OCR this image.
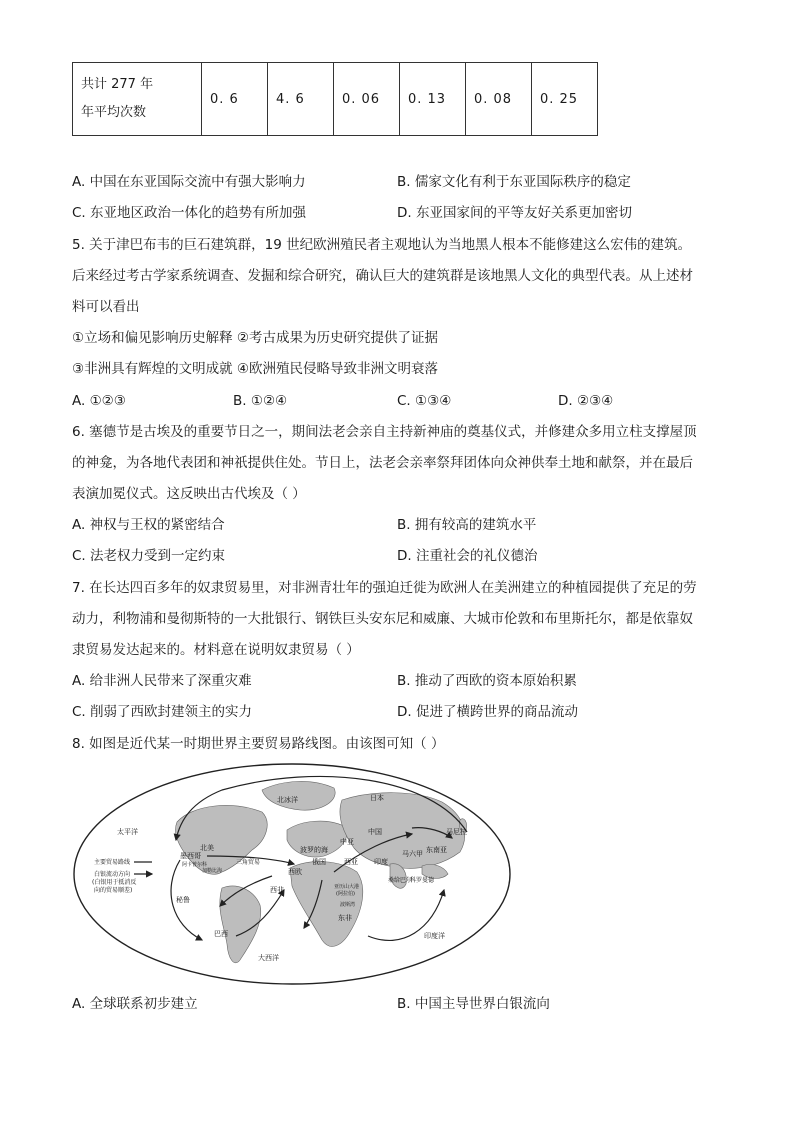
共计 277 年
年平均次数
	0. 6	4. 6	0. 06	0. 13	0. 08	0. 25
A. 中国在东亚国际交流中有强大影响力	B. 儒家文化有利于东亚国际秩序的稳定
C. 东亚地区政治一体化的趋势有所加强	D. 东亚国家间的平等友好关系更加密切
5. 关于津巴布韦的巨石建筑群，19 世纪欧洲殖民者主观地认为当地黑人根本不能修建这么宏伟的建筑。
后来经过考古学家系统调查、发掘和综合研究，确认巨大的建筑群是该地黑人文化的典型代表。从上述材
料可以看出
①立场和偏见影响历史解释 ②考古成果为历史研究提供了证据
③非洲具有辉煌的文明成就 ④欧洲殖民侵略导致非洲文明衰落
A. ①②③	B. ①②④	C. ①③④	D. ②③④
6. 塞德节是古埃及的重要节日之一，期间法老会亲自主持新神庙的奠基仪式，并修建众多用立柱支撑屋顶
的神龛，为各地代表团和神祇提供住处。节日上，法老会亲率祭拜团体向众神供奉土地和献祭，并在最后
表演加冕仪式。这反映出古代埃及（ ）
A. 神权与王权的紧密结合	B. 拥有较高的建筑水平
C. 法老权力受到一定约束	D. 注重社会的礼仪德治
7. 在长达四百多年的奴隶贸易里，对非洲青壮年的强迫迁徙为欧洲人在美洲建立的种植园提供了充足的劳
动力，利物浦和曼彻斯特的一大批银行、钢铁巨头安东尼和威廉、大城市伦敦和布里斯托尔，都是依靠奴
隶贸易发达起来的。材料意在说明奴隶贸易（ ）
A. 给非洲人民带来了深重灾难	B. 推动了西欧的资本原始积累
C. 削弱了西欧封建领主的实力	D. 促进了横跨世界的商品流动
8. 如图是近代某一时期世界主要贸易路线图。由该图可知（ ）
太平洋
北冰洋
大西洋
印度洋
波罗的海
日本
中国	马尼拉
马六甲 东南亚
中亚
西亚 印度
俄国
西欧
北美
墨西哥
阿卡普尔科
加勒比海
三角贸易
秘鲁
巴西
西非
东非
亚历山大港
(阿拉伯)
波斯湾
桑给巴尔
科罗曼德
主要贸易路线
白银流动方向
(白银用于抵消反
向的贸易顺差)
A. 全球联系初步建立	B. 中国主导世界白银流向
